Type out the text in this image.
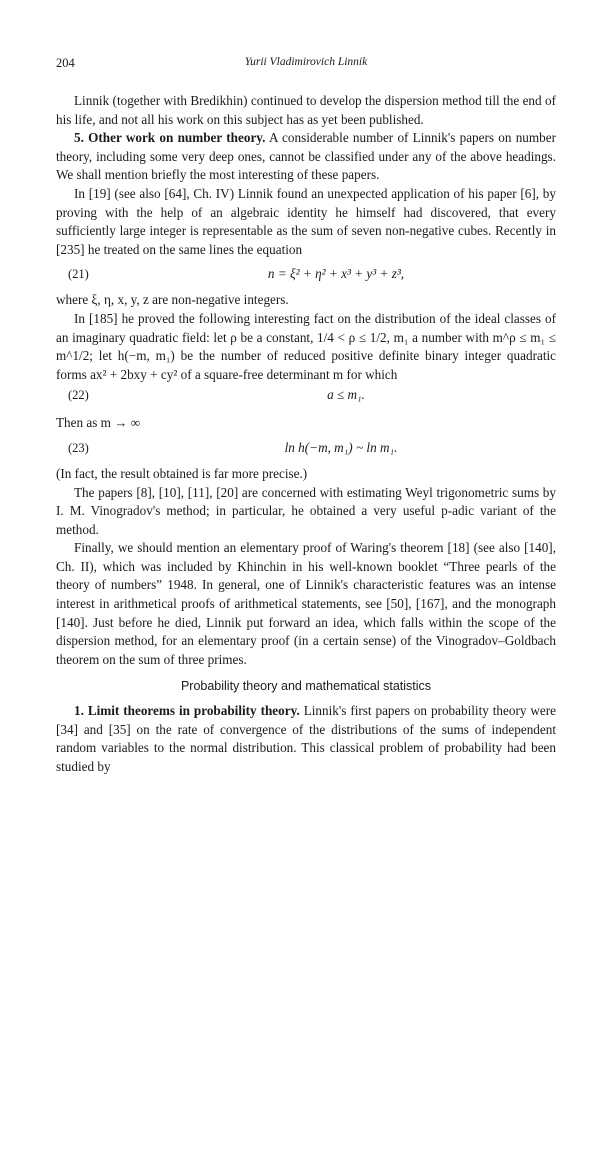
204	Yurii Vladimirovich Linnik

Linnik (together with Bredikhin) continued to develop the dispersion method till the end of his life, and not all his work on this subject has as yet been published.

5. Other work on number theory. A considerable number of Linnik's papers on number theory, including some very deep ones, cannot be classified under any of the above headings. We shall mention briefly the most interesting of these papers.

In [19] (see also [64], Ch. IV) Linnik found an unexpected application of his paper [6], by proving with the help of an algebraic identity he himself had discovered, that every sufficiently large integer is representable as the sum of seven non-negative cubes. Recently in [235] he treated on the same lines the equation

(21)	n = ξ² + η² + x³ + y³ + z³,

where ξ, η, x, y, z are non-negative integers.

In [185] he proved the following interesting fact on the distribution of the ideal classes of an imaginary quadratic field: let ρ be a constant, 1/4 < ρ ≤ 1/2, m₁ a number with m^ρ ≤ m₁ ≤ m^1/2; let h(−m, m₁) be the number of reduced positive definite binary integer quadratic forms ax² + 2bxy + cy² of a square-free determinant m for which

(22)	a ≤ m₁.

Then as m → ∞

(23)	ln h(−m, m₁) ~ ln m₁.

(In fact, the result obtained is far more precise.)

The papers [8], [10], [11], [20] are concerned with estimating Weyl trigonometric sums by I. M. Vinogradov's method; in particular, he obtained a very useful p-adic variant of the method.

Finally, we should mention an elementary proof of Waring's theorem [18] (see also [140], Ch. II), which was included by Khinchin in his well-known booklet “Three pearls of the theory of numbers” 1948. In general, one of Linnik's characteristic features was an intense interest in arithmetical proofs of arithmetical statements, see [50], [167], and the monograph [140]. Just before he died, Linnik put forward an idea, which falls within the scope of the dispersion method, for an elementary proof (in a certain sense) of the Vinogradov–Goldbach theorem on the sum of three primes.

Probability theory and mathematical statistics

1. Limit theorems in probability theory. Linnik's first papers on probability theory were [34] and [35] on the rate of convergence of the distributions of the sums of independent random variables to the normal distribution. This classical problem of probability had been studied by
